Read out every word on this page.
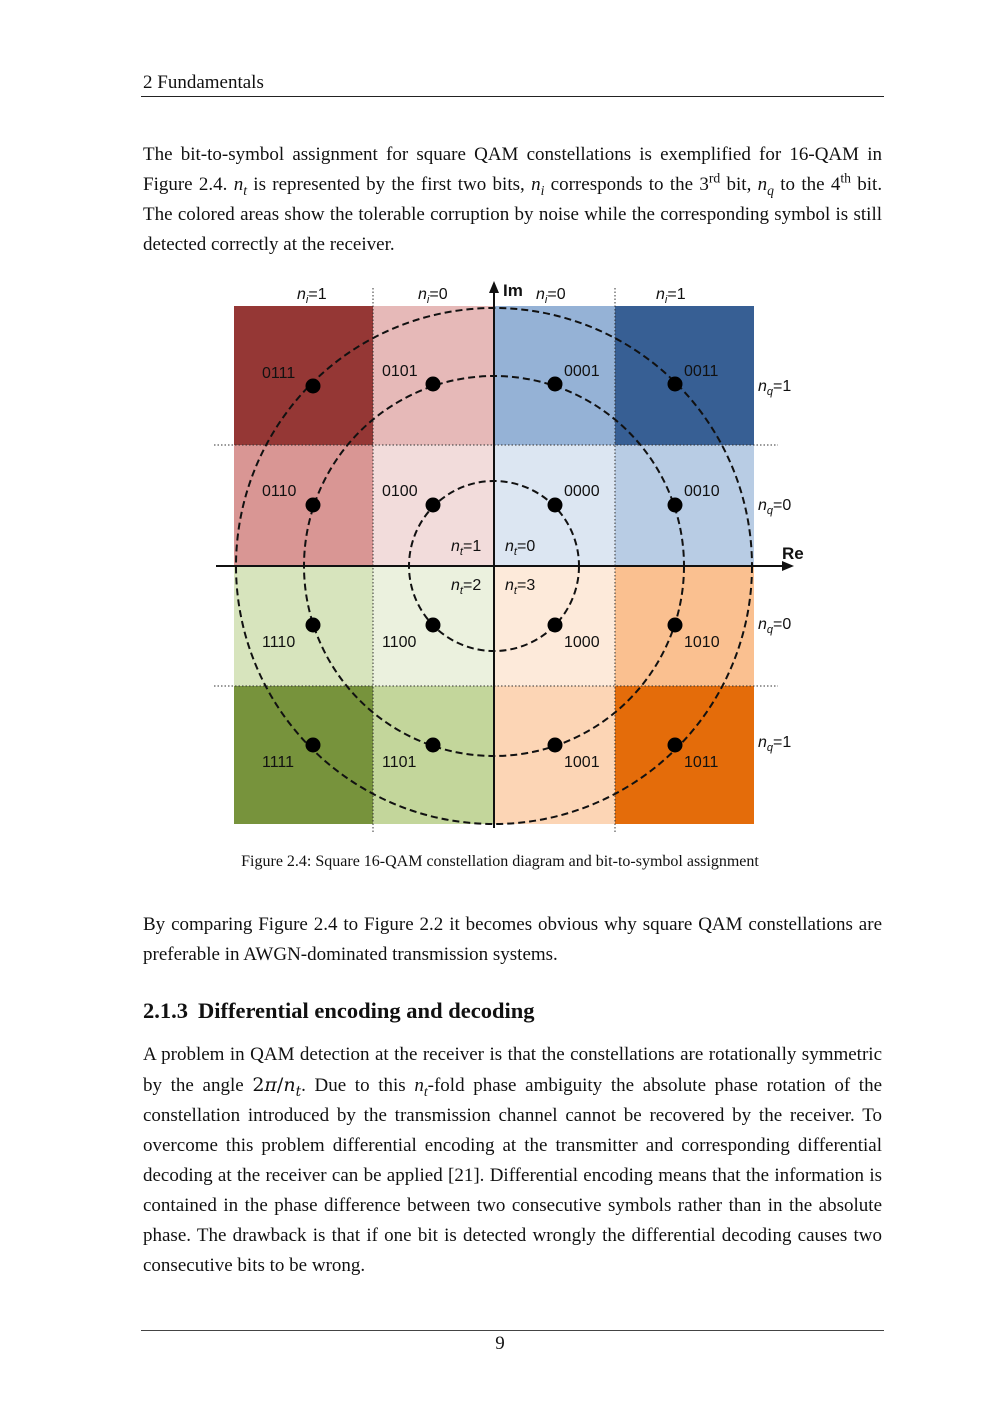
2 Fundamentals
The bit-to-symbol assignment for square QAM constellations is exemplified for 16-QAM in Figure 2.4. $n_t$ is represented by the first two bits, $n_i$ corresponds to the 3rd bit, $n_q$ to the 4th bit. The colored areas show the tolerable corruption by noise while the corresponding symbol is still detected correctly at the receiver.
Re
Im
0111	0101	0001	0011
0110	0100	0000	0010
1110	1100	1000	1010
1111	1101	1001	1011
$n_i=1$	$n_i=0$	$n_i=0$	$n_i=1$
$n_q=1$
$n_q=0$
$n_q=0$
$n_q=1$
$n_t=1$ $n_t=0$
$n_t=2$ $n_t=3$
Figure 2.4: Square 16-QAM constellation diagram and bit-to-symbol assignment
By comparing Figure 2.4 to Figure 2.2 it becomes obvious why square QAM constellations are preferable in AWGN-dominated transmission systems.
2.1.3 Differential encoding and decoding
A problem in QAM detection at the receiver is that the constellations are rotationally symmetric by the angle $2\pi/n_t$. Due to this $n_t$-fold phase ambiguity the absolute phase rotation of the constellation introduced by the transmission channel cannot be recovered by the receiver. To overcome this problem differential encoding at the transmitter and corresponding differential decoding at the receiver can be applied [21]. Differential encoding means that the information is contained in the phase difference between two consecutive symbols rather than in the absolute phase. The drawback is that if one bit is detected wrongly the differential decoding causes two consecutive bits to be wrong.
9
